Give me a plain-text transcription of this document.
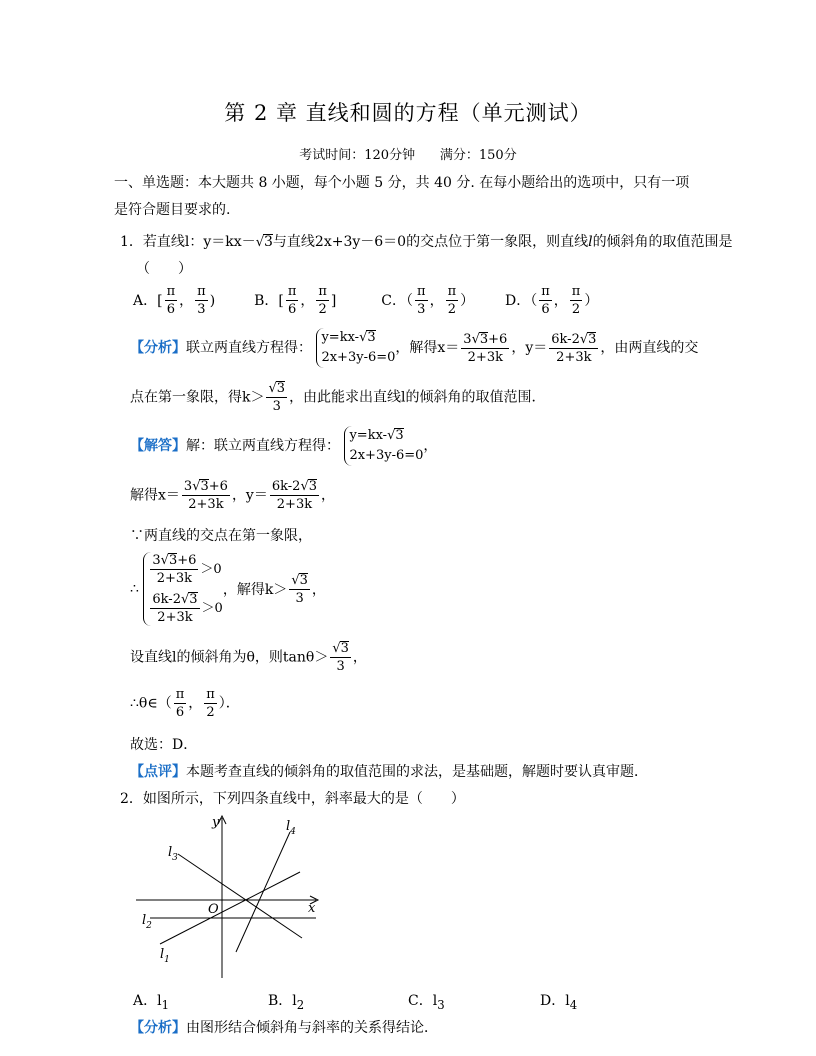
第 2 章 直线和圆的方程（单元测试）
考试时间：120分钟 满分：150分
一、单选题：本大题共 8 小题，每个小题 5 分，共 40 分. 在每小题给出的选项中，只有一项
是符合题目要求的.
1．若直线l：y＝kx－√3与直线2x+3y－6＝0的交点位于第一象限，则直线l的倾斜角的取值范围是
（　　）
A．[ $\frac{\pi}{6}$ ， $\frac{\pi}{3}$ )	B．[ $\frac{\pi}{6}$ ， $\frac{\pi}{2}$ ]	C．（ $\frac{\pi}{3}$ ， $\frac{\pi}{2}$ ） D．（ $\frac{\pi}{6}$ ， $\frac{\pi}{2}$ ）
【分析】联立两直线方程得：
y=kx-√3
2x+3y-6=0
，解得$x= \frac{3√3+6}{2+3k}$ ，$y= \frac{6k-2√3}{2+3k}$ ，由两直线的交
点在第一象限，得$k> \frac{√3}{3}$ ，由此能求出直线l的倾斜角的取值范围．
【解答】解：联立两直线方程得：
y=kx-√3
2x+3y-6=0
，
解得$x= \frac{3√3+6}{2+3k}$ ，$y= \frac{6k-2√3}{2+3k}$ ，
∵两直线的交点在第一象限，
∴
$\frac{3√3+6}{2+3k} >0$
$\frac{6k-2√3}{2+3k} >0$
，解得$k> \frac{√3}{3}$ ，
设直线l的倾斜角为θ，则$\tan\theta> \frac{√3}{3}$ ，
∴θ∈（ $\frac{\pi}{6}$ ， $\frac{\pi}{2}$ ）．
故选：D．
【点评】本题考查直线的倾斜角的取值范围的求法，是基础题，解题时要认真审题．
2．如图所示，下列四条直线中，斜率最大的是（　　）
y
x
O
$l_3$
$l_4$
$l_2$
$l_1$
A．$l_1$	B．$l_2$	C．$l_3$	D．$l_4$
【分析】由图形结合倾斜角与斜率的关系得结论．
